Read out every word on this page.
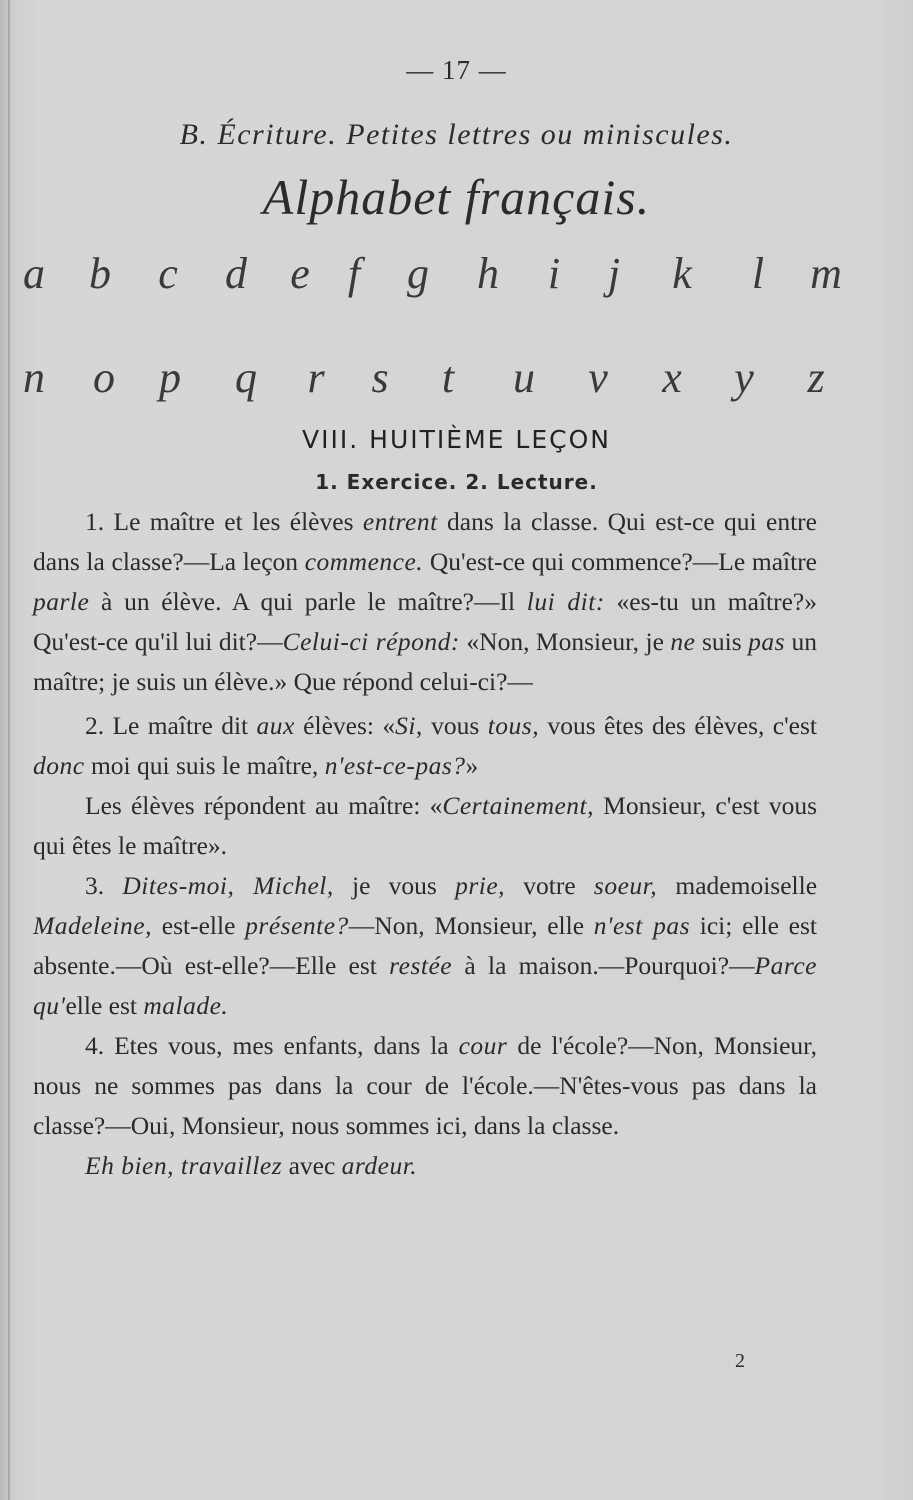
— 17 —
B. Écriture. Petites lettres ou miniscules.
Alphabet français.
a b c d e f	g h	i	j	k	l	m
n o p q r s	t	u v x y z
VIII. HUITIÈME LEÇON
1. Exercice. 2. Lecture.

1. Le maître et les élèves entrent dans la classe. Qui est-ce qui entre dans la classe?—La leçon commence. Qu'est-ce qui commence?—Le maître parle à un élève. A qui parle le maître?—Il lui dit: «es-tu un maître?» Qu'est-ce qu'il lui dit?—Celui-ci répond: «Non, Monsieur, je ne suis pas un maître; je suis un élève.» Que répond celui-ci?—

2. Le maître dit aux élèves: «Si, vous tous, vous êtes des élèves, c'est donc moi qui suis le maître, n'est-ce-pas?»

Les élèves répondent au maître: «Certainement, Monsieur, c'est vous qui êtes le maître».

3. Dites-moi, Michel, je vous prie, votre soeur, mademoiselle Madeleine, est-elle présente?—Non, Monsieur, elle n'est pas ici; elle est absente.—Où est-elle?—Elle est restée à la maison.—Pourquoi?—Parce qu'elle est malade.

4. Etes vous, mes enfants, dans la cour de l'école?—Non, Monsieur, nous ne sommes pas dans la cour de l'école.—N'êtes-vous pas dans la classe?—Oui, Monsieur, nous sommes ici, dans la classe.

Eh bien, travaillez avec ardeur.

2
